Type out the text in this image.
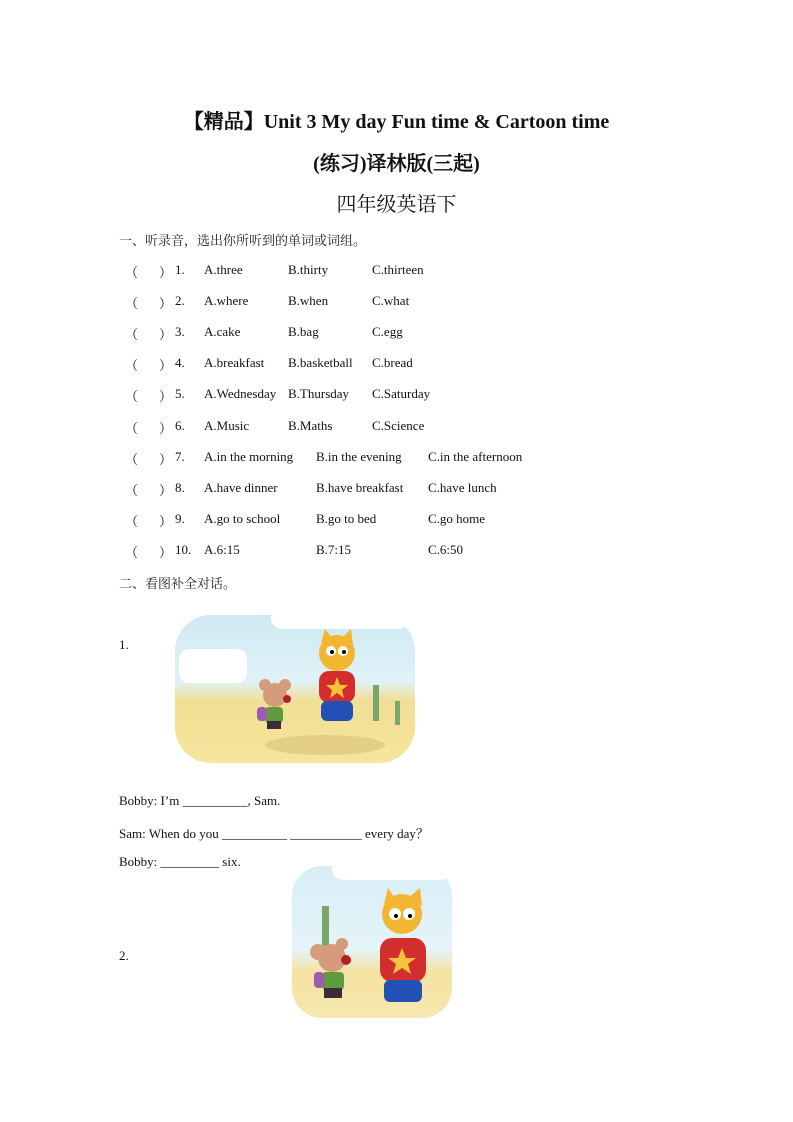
【精品】Unit 3 My day Fun time & Cartoon time
(练习)译林版(三起)
四年级英语下
一、听录音，选出你所听到的单词或词组。
（ ） 1. A.three	B.thirty	C.thirteen
（ ） 2. A.where	B.when	C.what
（ ） 3. A.cake	B.bag	C.egg
（ ） 4. A.breakfast B.basketball C.bread
（ ） 5. A.Wednesday B.Thursday C.Saturday
（ ） 6. A.Music	B.Maths	C.Science
（ ） 7. A.in the morning B.in the evening C.in the afternoon
（ ） 8. A.have dinner	B.have breakfast C.have lunch
（ ） 9. A.go to school	B.go to bed	C.go home
（ ） 10. A.6:15	B.7:15	C.6:50
二、看图补全对话。
1.
Bobby: I’m __________, Sam.
Sam: When do you __________ ___________ every day？
Bobby: _________ six.
2.
